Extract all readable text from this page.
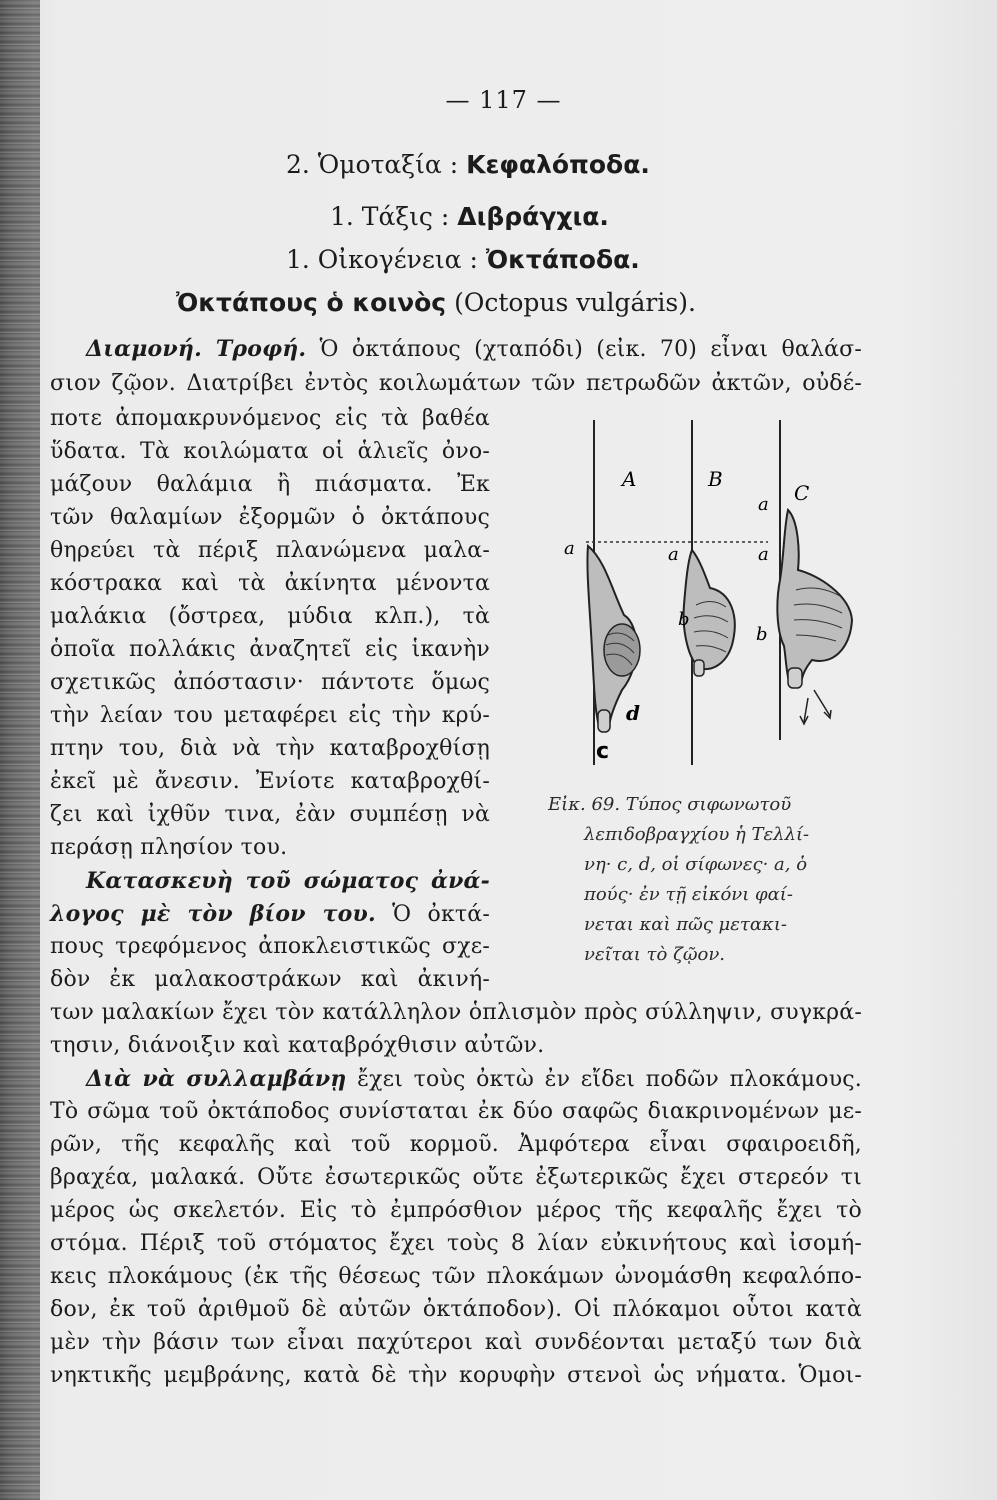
— 117 —
2. Ὁμοταξία : Κεφαλόποδα.
1. Τάξις : Διβράγχια.
1. Οἰκογένεια : Ὀκτάποδα.
Ὀκτάπους ὁ κοινὸς (Octopus vulgáris).
Διαμονή. Τροφή. Ὁ ὀκτάπους (χταπόδι) (εἰκ. 70) εἶναι θαλάσ-
σιον ζῷον. Διατρίβει ἐντὸς κοιλωμάτων τῶν πετρωδῶν ἀκτῶν, οὐδέ-
ποτε ἀπομακρυνόμενος εἰς τὰ βαθέα
ὕδατα. Τὰ κοιλώματα οἱ ἁλιεῖς ὀνο-
μάζουν θαλάμια ἢ πιάσματα. Ἐκ
τῶν θαλαμίων ἐξορμῶν ὁ ὀκτάπους
θηρεύει τὰ πέριξ πλανώμενα μαλα-
κόστρακα καὶ τὰ ἀκίνητα μένοντα
μαλάκια (ὄστρεα, μύδια κλπ.), τὰ
ὁποῖα πολλάκις ἀναζητεῖ εἰς ἱκανὴν
σχετικῶς ἀπόστασιν· πάντοτε ὅμως
τὴν λείαν του μεταφέρει εἰς τὴν κρύ-
πτην του, διὰ νὰ τὴν καταβροχθίσῃ
ἐκεῖ μὲ ἄνεσιν. Ἐνίοτε καταβροχθί-
ζει καὶ ἰχθῦν τινα, ἐὰν συμπέσῃ νὰ
περάσῃ πλησίον του.
Κατασκευὴ τοῦ σώματος ἀνά-
λογος μὲ τὸν βίον του. Ὁ ὀκτά-
πους τρεφόμενος ἀποκλειστικῶς σχε-
δὸν ἐκ μαλακοστράκων καὶ ἀκινή-
των μαλακίων ἔχει τὸν κατάλληλον ὁπλισμὸν πρὸς σύλληψιν, συγκρά-
τησιν, διάνοιξιν καὶ καταβρόχθισιν αὐτῶν.
Διὰ νὰ συλλαμβάνῃ ἔχει τοὺς ὀκτὼ ἐν εἴδει ποδῶν πλοκάμους.
Τὸ σῶμα τοῦ ὀκτάποδος συνίσταται ἐκ δύο σαφῶς διακρινομένων με-
ρῶν, τῆς κεφαλῆς καὶ τοῦ κορμοῦ. Ἀμφότερα εἶναι σφαιροειδῆ,
βραχέα, μαλακά. Οὔτε ἐσωτερικῶς οὔτε ἐξωτερικῶς ἔχει στερεόν τι
μέρος ὡς σκελετόν. Εἰς τὸ ἐμπρόσθιον μέρος τῆς κεφαλῆς ἔχει τὸ
στόμα. Πέριξ τοῦ στόματος ἔχει τοὺς 8 λίαν εὐκινήτους καὶ ἰσομή-
κεις πλοκάμους (ἐκ τῆς θέσεως τῶν πλοκάμων ὠνομάσθη κεφαλόπο-
δον, ἐκ τοῦ ἀριθμοῦ δὲ αὐτῶν ὀκτάποδον). Οἱ πλόκαμοι οὗτοι κατὰ
μὲν τὴν βάσιν των εἶναι παχύτεροι καὶ συνδέονται μεταξύ των διὰ
νηκτικῆς μεμβράνης, κατὰ δὲ τὴν κορυφὴν στενοὶ ὡς νήματα. Ὁμοι-
A	B
C
a	a
a
a
b
b
d
c
Εἰκ. 69. Τύπος σιφωνωτοῦ
λεπιδοβραγχίου ἡ Τελλί-
νη· c, d, οἱ σίφωνες· a, ὁ
πούς· ἐν τῇ εἰκόνι φαί-
νεται καὶ πῶς μετακι-
νεῖται τὸ ζῷον.
